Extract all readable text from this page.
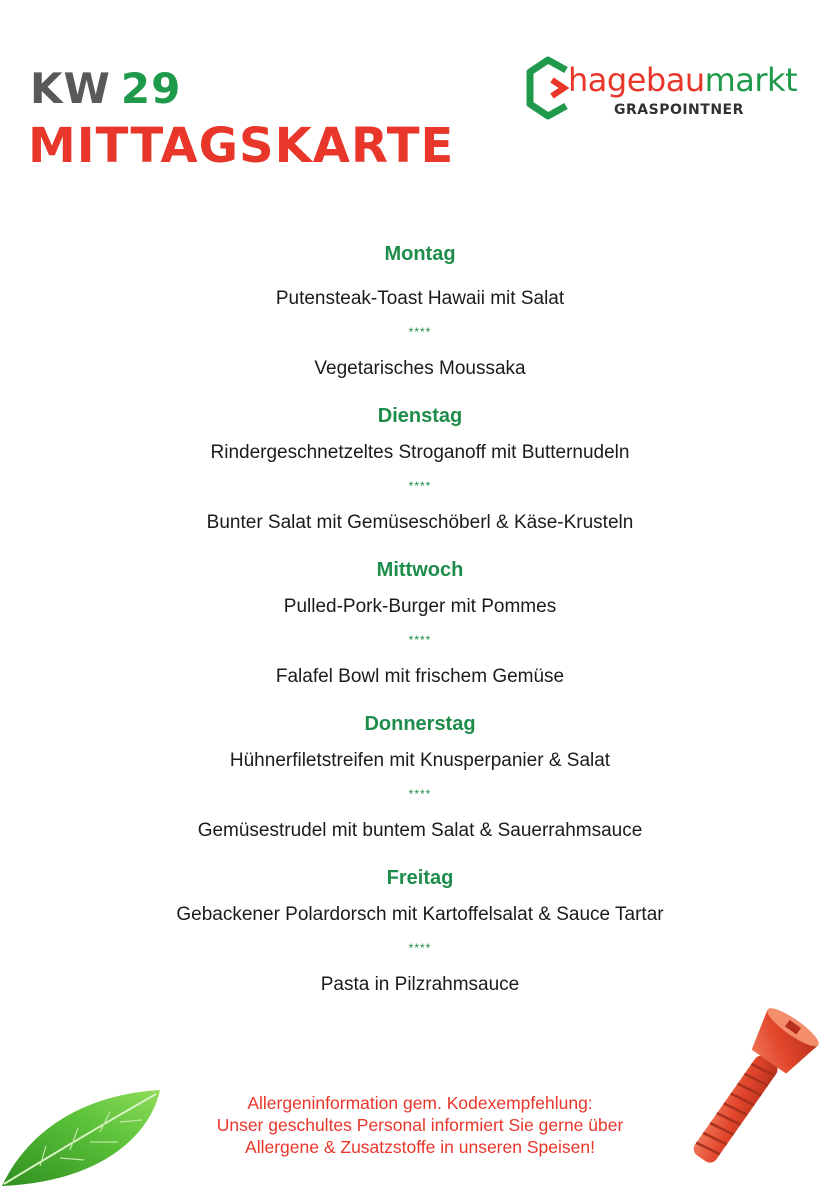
KW 29
MITTAGSKARTE
hagebaumarkt
GRASPOINTNER
Montag
Putensteak-Toast Hawaii mit Salat
****
Vegetarisches Moussaka
Dienstag
Rindergeschnetzeltes Stroganoff mit Butternudeln
****
Bunter Salat mit Gemüseschöberl & Käse-Krusteln
Mittwoch
Pulled-Pork-Burger mit Pommes
****
Falafel Bowl mit frischem Gemüse
Donnerstag
Hühnerfiletstreifen mit Knusperpanier & Salat
****
Gemüsestrudel mit buntem Salat & Sauerrahmsauce
Freitag
Gebackener Polardorsch mit Kartoffelsalat & Sauce Tartar
****
Pasta in Pilzrahmsauce
Allergeninformation gem. Kodexempfehlung:
Unser geschultes Personal informiert Sie gerne über
Allergene & Zusatzstoffe in unseren Speisen!
